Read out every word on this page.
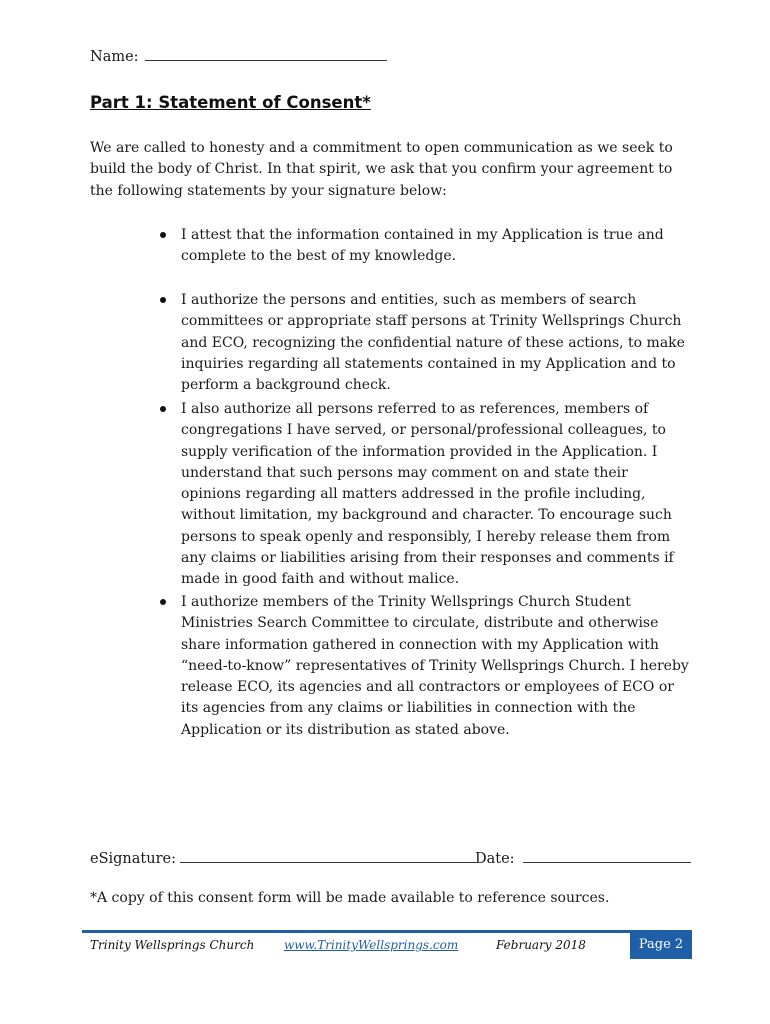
Name:
Part 1: Statement of Consent*

We are called to honesty and a commitment to open communication as we seek to build the body of Christ. In that spirit, we ask that you confirm your agreement to the following statements by your signature below:

I attest that the information contained in my Application is true and complete to the best of my knowledge.
I authorize the persons and entities, such as members of search committees or appropriate staff persons at Trinity Wellsprings Church and ECO, recognizing the confidential nature of these actions, to make inquiries regarding all statements contained in my Application and to perform a background check.
I also authorize all persons referred to as references, members of congregations I have served, or personal/professional colleagues, to supply verification of the information provided in the Application. I understand that such persons may comment on and state their opinions regarding all matters addressed in the profile including, without limitation, my background and character. To encourage such persons to speak openly and responsibly, I hereby release them from any claims or liabilities arising from their responses and comments if made in good faith and without malice.
I authorize members of the Trinity Wellsprings Church Student Ministries Search Committee to circulate, distribute and otherwise share information gathered in connection with my Application with “need-to-know” representatives of Trinity Wellsprings Church. I hereby release ECO, its agencies and all contractors or employees of ECO or its agencies from any claims or liabilities in connection with the Application or its distribution as stated above.
eSignature:	Date:
*A copy of this consent form will be made available to reference sources.
Trinity Wellsprings Church www.TrinityWellsprings.com	February 2018	Page 2
